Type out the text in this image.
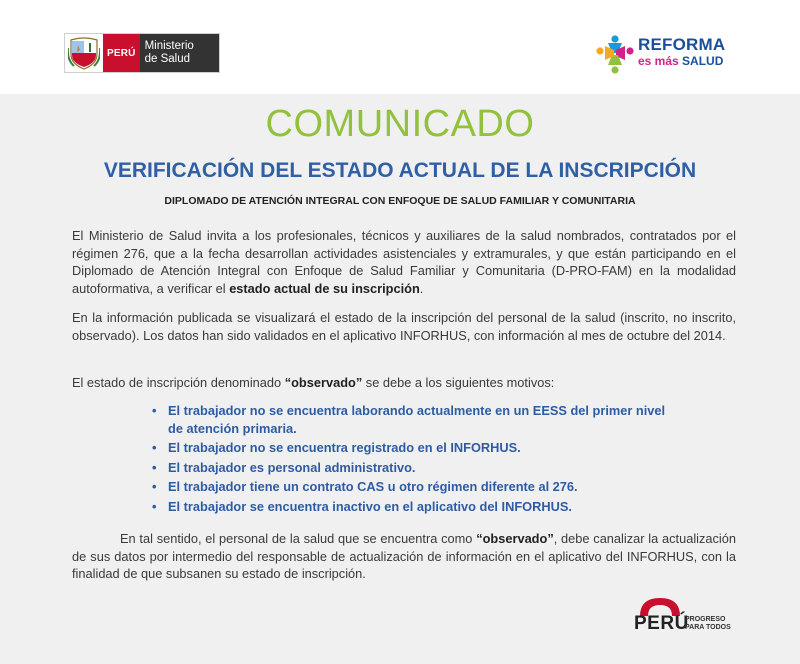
PERÚ
Ministerio
de Salud
REFORMA
es más SALUD
COMUNICADO
VERIFICACIÓN DEL ESTADO ACTUAL DE LA INSCRIPCIÓN
DIPLOMADO DE ATENCIÓN INTEGRAL CON ENFOQUE DE SALUD FAMILIAR Y COMUNITARIA

El Ministerio de Salud invita a los profesionales, técnicos y auxiliares de la salud nombrados, contratados por el régimen 276, que a la fecha desarrollan actividades asistenciales y extramurales, y que están participando en el Diplomado de Atención Integral con Enfoque de Salud Familiar y Comunitaria (D-PRO-FAM) en la modalidad autoformativa, a verificar el estado actual de su inscripción.

En la información publicada se visualizará el estado de la inscripción del personal de la salud (inscrito, no inscrito, observado). Los datos han sido validados en el aplicativo INFORHUS, con información al mes de octubre del 2014.

El estado de inscripción denominado “observado” se debe a los siguientes motivos:

• El trabajador no se encuentra laborando actualmente en un EESS del primer nivel de atención primaria.
• El trabajador no se encuentra registrado en el INFORHUS.
• El trabajador es personal administrativo.
• El trabajador tiene un contrato CAS u otro régimen diferente al 276.
• El trabajador se encuentra inactivo en el aplicativo del INFORHUS.

En tal sentido, el personal de la salud que se encuentra como “observado”, debe canalizar la actualización de sus datos por intermedio del responsable de actualización de información en el aplicativo del INFORHUS, con la finalidad de que subsanen su estado de inscripción.

PERÚ
PROGRESO
PARA TODOS
